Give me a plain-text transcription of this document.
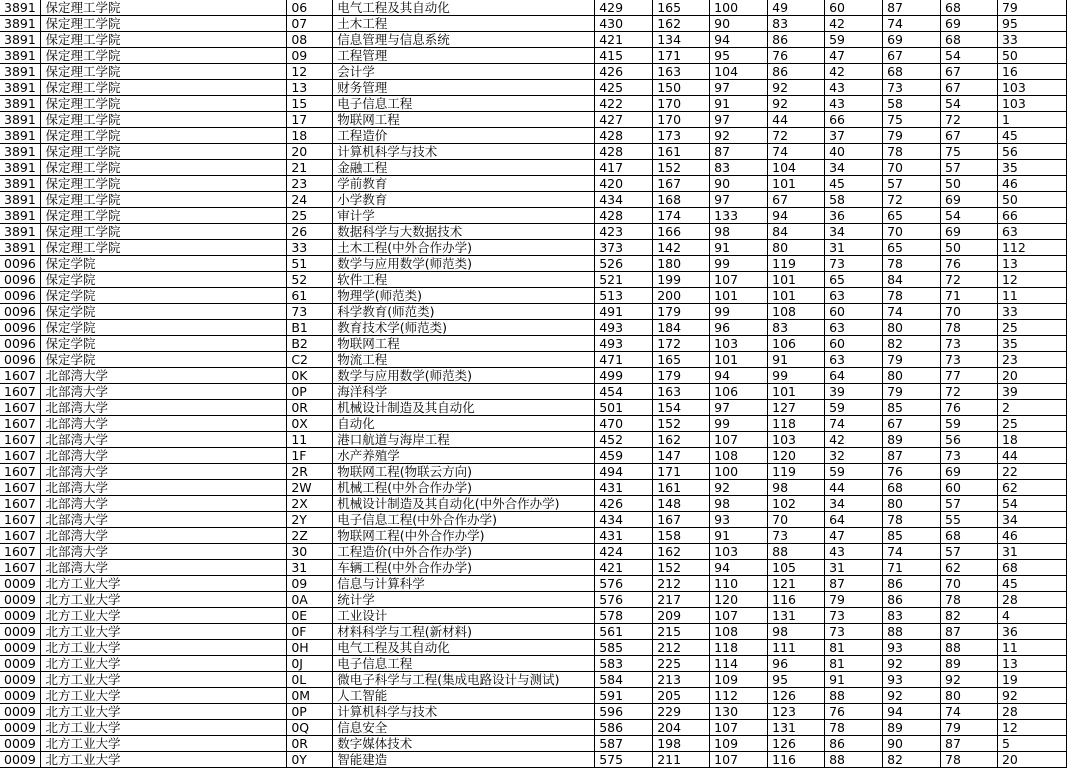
3891	保定理工学院	06	电气工程及其自动化	429	165	100	49	60	87	68	79
3891	保定理工学院	07	土木工程	430	162	90	83	42	74	69	95
3891	保定理工学院	08	信息管理与信息系统	421	134	94	86	59	69	68	33
3891	保定理工学院	09	工程管理	415	171	95	76	47	67	54	50
3891	保定理工学院	12	会计学	426	163	104	86	42	68	67	16
3891	保定理工学院	13	财务管理	425	150	97	92	43	73	67	103
3891	保定理工学院	15	电子信息工程	422	170	91	92	43	58	54	103
3891	保定理工学院	17	物联网工程	427	170	97	44	66	75	72	1
3891	保定理工学院	18	工程造价	428	173	92	72	37	79	67	45
3891	保定理工学院	20	计算机科学与技术	428	161	87	74	40	78	75	56
3891	保定理工学院	21	金融工程	417	152	83	104	34	70	57	35
3891	保定理工学院	23	学前教育	420	167	90	101	45	57	50	46
3891	保定理工学院	24	小学教育	434	168	97	67	58	72	69	50
3891	保定理工学院	25	审计学	428	174	133	94	36	65	54	66
3891	保定理工学院	26	数据科学与大数据技术	423	166	98	84	34	70	69	63
3891	保定理工学院	33	土木工程(中外合作办学)	373	142	91	80	31	65	50	112
0096	保定学院	51	数学与应用数学(师范类)	526	180	99	119	73	78	76	13
0096	保定学院	52	软件工程	521	199	107	101	65	84	72	12
0096	保定学院	61	物理学(师范类)	513	200	101	101	63	78	71	11
0096	保定学院	73	科学教育(师范类)	491	179	99	108	60	74	70	33
0096	保定学院	B1	教育技术学(师范类)	493	184	96	83	63	80	78	25
0096	保定学院	B2	物联网工程	493	172	103	106	60	82	73	35
0096	保定学院	C2	物流工程	471	165	101	91	63	79	73	23
1607	北部湾大学	0K	数学与应用数学(师范类)	499	179	94	99	64	80	77	20
1607	北部湾大学	0P	海洋科学	454	163	106	101	39	79	72	39
1607	北部湾大学	0R	机械设计制造及其自动化	501	154	97	127	59	85	76	2
1607	北部湾大学	0X	自动化	470	152	99	118	74	67	59	25
1607	北部湾大学	11	港口航道与海岸工程	452	162	107	103	42	89	56	18
1607	北部湾大学	1F	水产养殖学	459	147	108	120	32	87	73	44
1607	北部湾大学	2R	物联网工程(物联云方向)	494	171	100	119	59	76	69	22
1607	北部湾大学	2W	机械工程(中外合作办学)	431	161	92	98	44	68	60	62
1607	北部湾大学	2X	机械设计制造及其自动化(中外合作办学)	426	148	98	102	34	80	57	54
1607	北部湾大学	2Y	电子信息工程(中外合作办学)	434	167	93	70	64	78	55	34
1607	北部湾大学	2Z	物联网工程(中外合作办学)	431	158	91	73	47	85	68	46
1607	北部湾大学	30	工程造价(中外合作办学)	424	162	103	88	43	74	57	31
1607	北部湾大学	31	车辆工程(中外合作办学)	421	152	94	105	31	71	62	68
0009	北方工业大学	09	信息与计算科学	576	212	110	121	87	86	70	45
0009	北方工业大学	0A	统计学	576	217	120	116	79	86	78	28
0009	北方工业大学	0E	工业设计	578	209	107	131	73	83	82	4
0009	北方工业大学	0F	材料科学与工程(新材料)	561	215	108	98	73	88	87	36
0009	北方工业大学	0H	电气工程及其自动化	585	212	118	111	81	93	88	11
0009	北方工业大学	0J	电子信息工程	583	225	114	96	81	92	89	13
0009	北方工业大学	0L	微电子科学与工程(集成电路设计与测试)	584	213	109	95	91	93	92	19
0009	北方工业大学	0M	人工智能	591	205	112	126	88	92	80	92
0009	北方工业大学	0P	计算机科学与技术	596	229	130	123	76	94	74	28
0009	北方工业大学	0Q	信息安全	586	204	107	131	78	89	79	12
0009	北方工业大学	0R	数字媒体技术	587	198	109	126	86	90	87	5
0009	北方工业大学	0Y	智能建造	575	211	107	116	88	82	78	20
